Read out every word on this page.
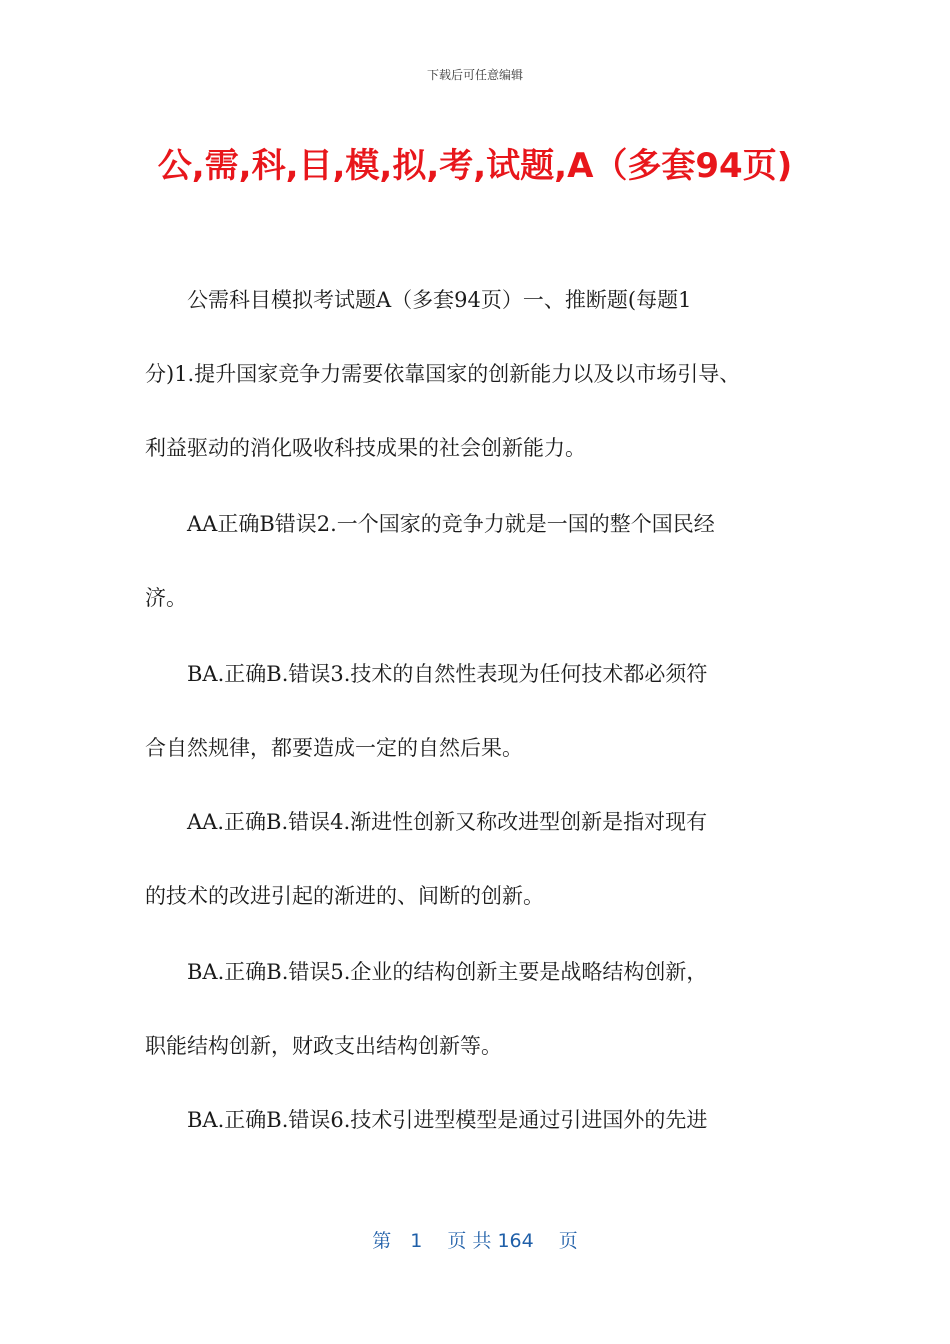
下载后可任意编辑
公,需,科,目,模,拟,考,试题,A（多套94页)
　　公需科目模拟考试题A（多套94页）一、推断题(每题1
分)1.提升国家竞争力需要依靠国家的创新能力以及以市场引导、
利益驱动的消化吸收科技成果的社会创新能力。
　　AA正确B错误2.一个国家的竞争力就是一国的整个国民经
济。
　　BA.正确B.错误3.技术的自然性表现为任何技术都必须符
合自然规律，都要造成一定的自然后果。
　　AA.正确B.错误4.渐进性创新又称改进型创新是指对现有
的技术的改进引起的渐进的、间断的创新。
　　BA.正确B.错误5.企业的结构创新主要是战略结构创新，
职能结构创新，财政支出结构创新等。
　　BA.正确B.错误6.技术引进型模型是通过引进国外的先进
第　1　 页 共 164　 页
